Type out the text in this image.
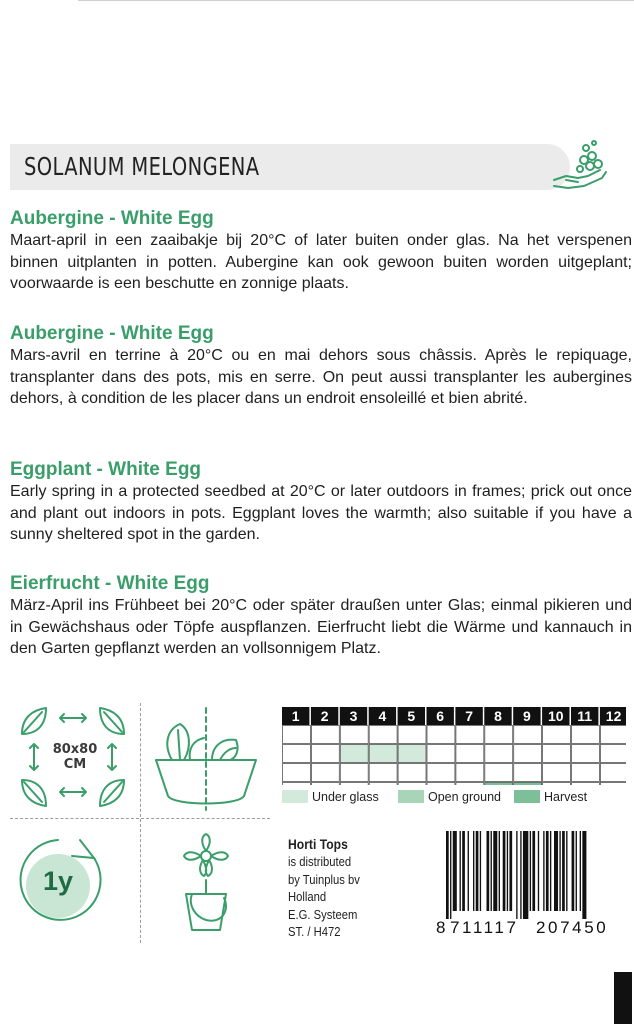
SOLANUM MELONGENA
Aubergine - White Egg

Maart-april in een zaaibakje bij 20°C of later buiten onder glas. Na het verspenen binnen uitplanten in potten. Aubergine kan ook gewoon buiten worden uitgeplant; voorwaarde is een beschutte en zonnige plaats.

Aubergine - White Egg

Mars-avril en terrine à 20°C ou en mai dehors sous châssis. Après le repiquage, transplanter dans des pots, mis en serre. On peut aussi transplanter les aubergines dehors, à condition de les placer dans un endroit ensoleillé et bien abrité.

Eggplant - White Egg

Early spring in a protected seedbed at 20°C or later outdoors in frames; prick out once and plant out indoors in pots. Eggplant loves the warmth; also suitable if you have a sunny sheltered spot in the garden.

Eierfrucht - White Egg

März-April ins Frühbeet bei 20°C oder später draußen unter Glas; einmal pikieren und in Gewächshaus oder Töpfe auspflanzen. Eierfrucht liebt die Wärme und kannauch in den Garten gepflanzt werden an vollsonnigem Platz.

80x80
CM
1y
1 2 3 4 5 6 7 8 9 10 11 12
Under glass	Open ground	Harvest
Horti Tops
is distributed
by Tuinplus bv
Holland
E.G. Systeem
ST. / H472	8 711117 207450
